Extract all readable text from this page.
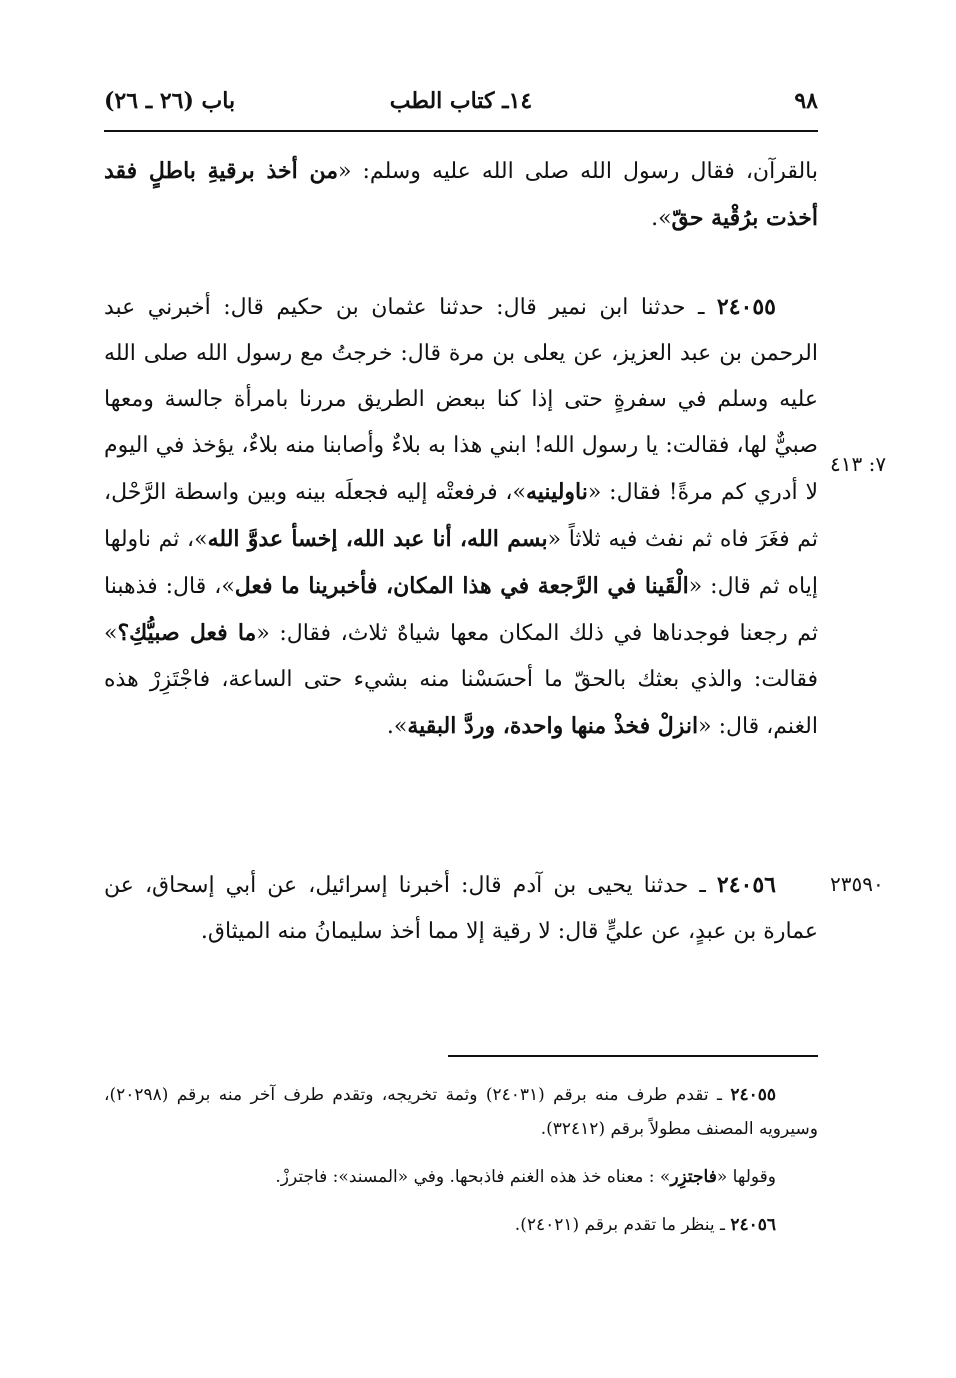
٩٨
١٤ـ كتاب الطب
باب (٢٦ ـ ٢٦)

بالقرآن، فقال رسول الله صلى الله عليه وسلم: «من أخذ برقيةِ باطلٍ فقد أخذت برُقْية حقّ».

٢٤٠٥٥ ـ حدثنا ابن نمير قال: حدثنا عثمان بن حكيم قال: أخبرني عبد الرحمن بن عبد العزيز، عن يعلى بن مرة قال: خرجتُ مع رسول الله صلى الله عليه وسلم في سفرةٍ حتى إذا كنا ببعض الطريق مررنا بامرأة جالسة ومعها صبيٌّ لها، فقالت: يا رسول الله! ابني هذا به بلاءٌ وأصابنا منه بلاءٌ، يؤخذ في اليوم لا أدري كم مرةً! فقال: «ناولينيه»، فرفعتْه إليه فجعلَه بينه وبين واسطة الرَّحْل، ثم فغَرَ فاه ثم نفث فيه ثلاثاً «بسم الله، أنا عبد الله، إخسأ عدوَّ الله»، ثم ناولها إياه ثم قال: «الْقَينا في الرَّجعة في هذا المكان، فأخبرينا ما فعل»، قال: فذهبنا ثم رجعنا فوجدناها في ذلك المكان معها شياهٌ ثلاث، فقال: «ما فعل صبيُّكِ؟» فقالت: والذي بعثك بالحقّ ما أحسَسْنا منه بشيء حتى الساعة، فاجْتَزِرْ هذه الغنم، قال: «انزلْ فخذْ منها واحدة، وردَّ البقية».

٢٤٠٥٦ ـ حدثنا يحيى بن آدم قال: أخبرنا إسرائيل، عن أبي إسحاق، عن عمارة بن عبدٍ، عن عليٍّ قال: لا رقية إلا مما أخذ سليمانُ منه الميثاق.

٧: ٤١٣
٢٣٥٩٠

٢٤٠٥٥ ـ تقدم طرف منه برقم (٢٤٠٣١) وثمة تخريجه، وتقدم طرف آخر منه برقم (٢٠٢٩٨)، وسيرويه المصنف مطولاً برقم (٣٢٤١٢).

وقولها «فاجتزِر» : معناه خذ هذه الغنم فاذبحها. وفي «المسند»: فاجترزْ.

٢٤٠٥٦ ـ ينظر ما تقدم برقم (٢٤٠٢١).
